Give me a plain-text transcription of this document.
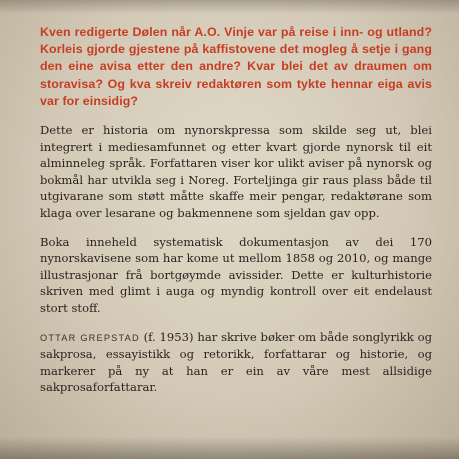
Kven redigerte Dølen når A.O. Vinje var på reise i inn- og utland? Korleis gjorde gjestene på kaffistovene det mogleg å setje i gang den eine avisa etter den andre? Kvar blei det av draumen om storavisa? Og kva skreiv redaktøren som tykte hennar eiga avis var for einsidig?

Dette er historia om nynorskpressa som skilde seg ut, blei integrert i mediesamfunnet og etter kvart gjorde nynorsk til eit alminneleg språk. Forfattaren viser kor ulikt aviser på nynorsk og bokmål har utvikla seg i Noreg. Forteljinga gir raus plass både til utgivarane som støtt måtte skaffe meir pengar, redaktørane som klaga over lesarane og bakmennene som sjeldan gav opp.

Boka inneheld systematisk dokumentasjon av dei 170 nynorskavisene som har kome ut mellom 1858 og 2010, og mange illustrasjonar frå bortgøymde avissider. Dette er kulturhistorie skriven med glimt i auga og myndig kontroll over eit endelaust stort stoff.

OTTAR GREPSTAD (f. 1953) har skrive bøker om både songlyrikk og sakprosa, essayistikk og retorikk, forfattarar og historie, og markerer på ny at han er ein av våre mest allsidige sakprosaforfattarar.
